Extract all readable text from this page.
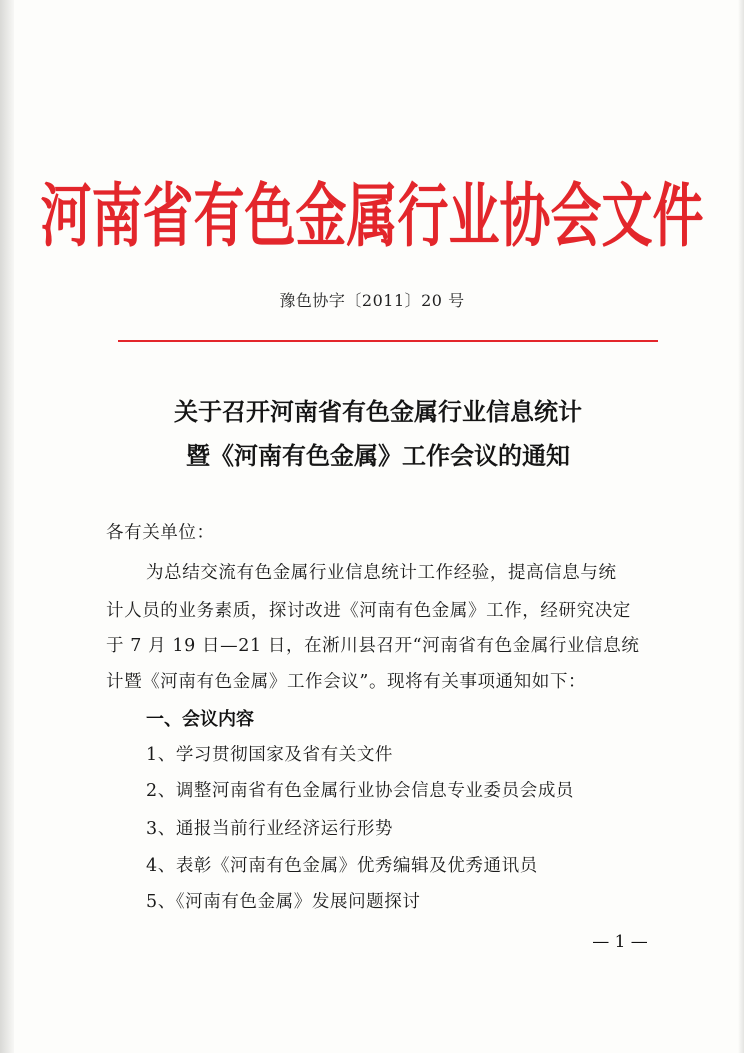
河南省有色金属行业协会文件
豫色协字〔2011〕20 号
关于召开河南省有色金属行业信息统计
暨《河南有色金属》工作会议的通知
各有关单位：
为总结交流有色金属行业信息统计工作经验，提高信息与统
计人员的业务素质，探讨改进《河南有色金属》工作，经研究决定
于 7 月 19 日—21 日，在淅川县召开“河南省有色金属行业信息统
计暨《河南有色金属》工作会议”。现将有关事项通知如下：
一、会议内容
1、学习贯彻国家及省有关文件
2、调整河南省有色金属行业协会信息专业委员会成员
3、通报当前行业经济运行形势
4、表彰《河南有色金属》优秀编辑及优秀通讯员
5、《河南有色金属》发展问题探讨
— 1 —
